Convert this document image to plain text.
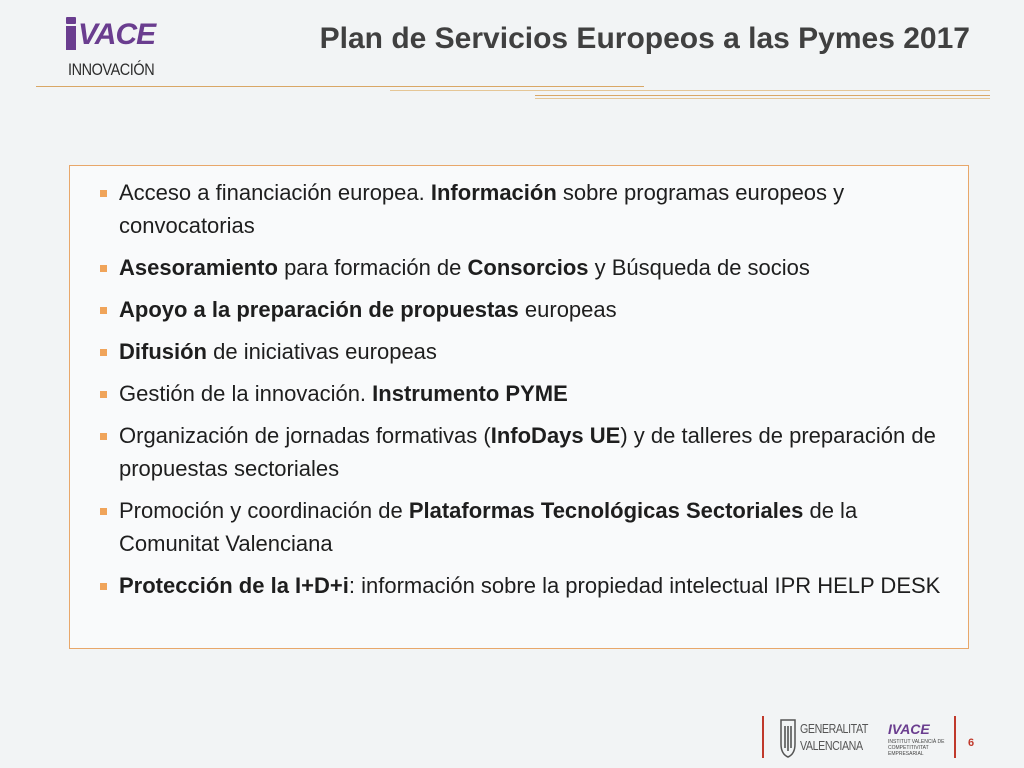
VACE
INNOVACIÓN
Plan de Servicios Europeos a las Pymes 2017
Acceso a financiación europea. Información sobre programas europeos y convocatorias
Asesoramiento para formación de Consorcios y Búsqueda de socios
Apoyo a la preparación de propuestas europeas
Difusión de iniciativas europeas
Gestión de la innovación. Instrumento PYME
Organización de jornadas formativas (InfoDays UE) y de talleres de preparación de propuestas sectoriales
Promoción y coordinación de Plataformas Tecnológicas Sectoriales de la Comunitat Valenciana
Protección de la I+D+i: información sobre la propiedad intelectual IPR HELP DESK
GENERALITAT
VALENCIANA
IVACE
INSTITUT VALENCIÀ DE COMPETITIVITAT EMPRESARIAL
6
